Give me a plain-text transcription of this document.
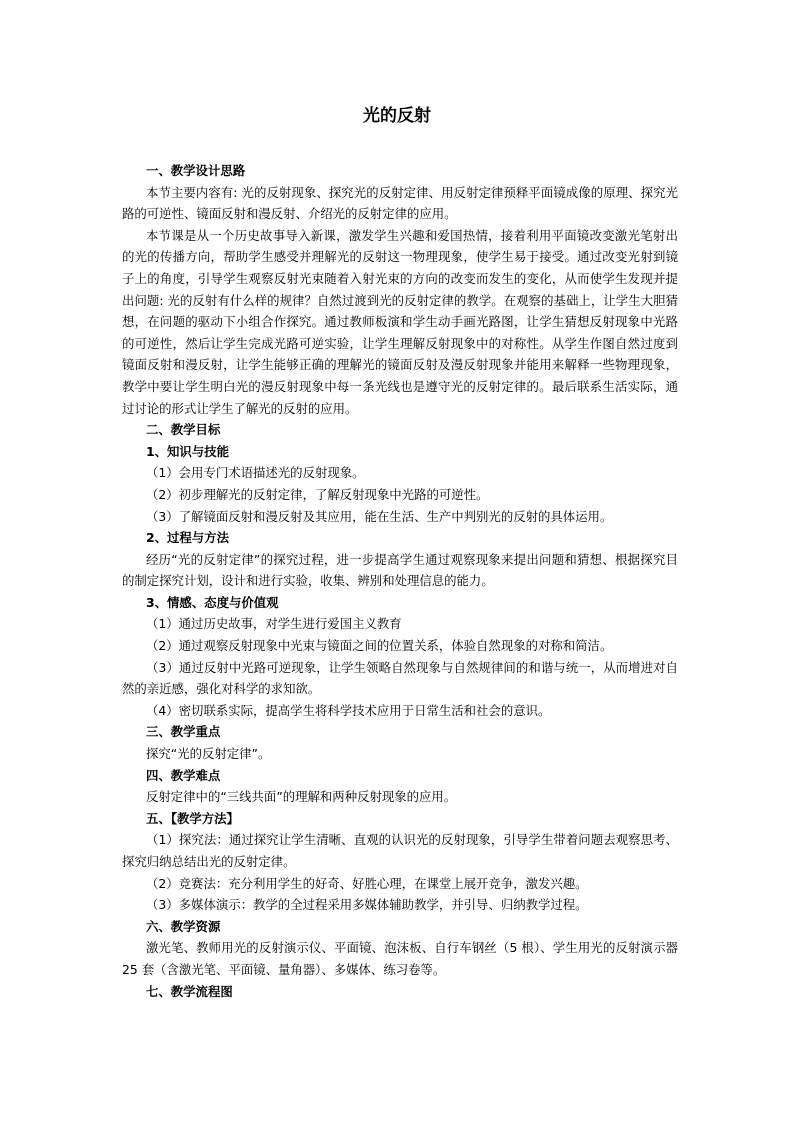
光的反射

一、教学设计思路

本节主要内容有: 光的反射现象、探究光的反射定律、用反射定律预释平面镜成像的原理、探究光路的可逆性、镜面反射和漫反射、介绍光的反射定律的应用。

本节课是从一个历史故事导入新课，激发学生兴趣和爱国热情，接着利用平面镜改变激光笔射出的光的传播方向，帮助学生感受并理解光的反射这一物理现象，使学生易于接受。通过改变光射到镜子上的角度，引导学生观察反射光束随着入射光束的方向的改变而发生的变化，从而使学生发现并提出问题: 光的反射有什么样的规律？自然过渡到光的反射定律的教学。在观察的基础上，让学生大胆猜想，在问题的驱动下小组合作探究。通过教师板演和学生动手画光路图，让学生猜想反射现象中光路的可逆性，然后让学生完成光路可逆实验，让学生理解反射现象中的对称性。从学生作图自然过度到镜面反射和漫反射，让学生能够正确的理解光的镜面反射及漫反射现象并能用来解释一些物理现象，教学中要让学生明白光的漫反射现象中每一条光线也是遵守光的反射定律的。最后联系生活实际，通过讨论的形式让学生了解光的反射的应用。

二、教学目标

1、知识与技能

（1）会用专门术语描述光的反射现象。

（2）初步理解光的反射定律，了解反射现象中光路的可逆性。

（3）了解镜面反射和漫反射及其应用，能在生活、生产中判别光的反射的具体运用。

2、过程与方法

经历“光的反射定律”的探究过程，进一步提高学生通过观察现象来提出问题和猜想、根据探究目的制定探究计划，设计和进行实验，收集、辨别和处理信息的能力。

3、情感、态度与价值观

（1）通过历史故事，对学生进行爱国主义教育

（2）通过观察反射现象中光束与镜面之间的位置关系，体验自然现象的对称和简洁。

（3）通过反射中光路可逆现象，让学生领略自然现象与自然规律间的和谐与统一，从而增进对自然的亲近感，强化对科学的求知欲。

（4）密切联系实际，提高学生将科学技术应用于日常生活和社会的意识。

三、教学重点

探究“光的反射定律”。

四、教学难点

反射定律中的“三线共面”的理解和两种反射现象的应用。

五、【教学方法】

（1）探究法：通过探究让学生清晰、直观的认识光的反射现象，引导学生带着问题去观察思考、探究归纳总结出光的反射定律。

（2）竞赛法：充分利用学生的好奇、好胜心理，在课堂上展开竞争，激发兴趣。

（3）多媒体演示：教学的全过程采用多媒体辅助教学，并引导、归纳教学过程。

六、教学资源

激光笔、教师用光的反射演示仪、平面镜、泡沫板、自行车钢丝（5 根）、学生用光的反射演示器 25 套（含激光笔、平面镜、量角器）、多媒体、练习卷等。

七、教学流程图
